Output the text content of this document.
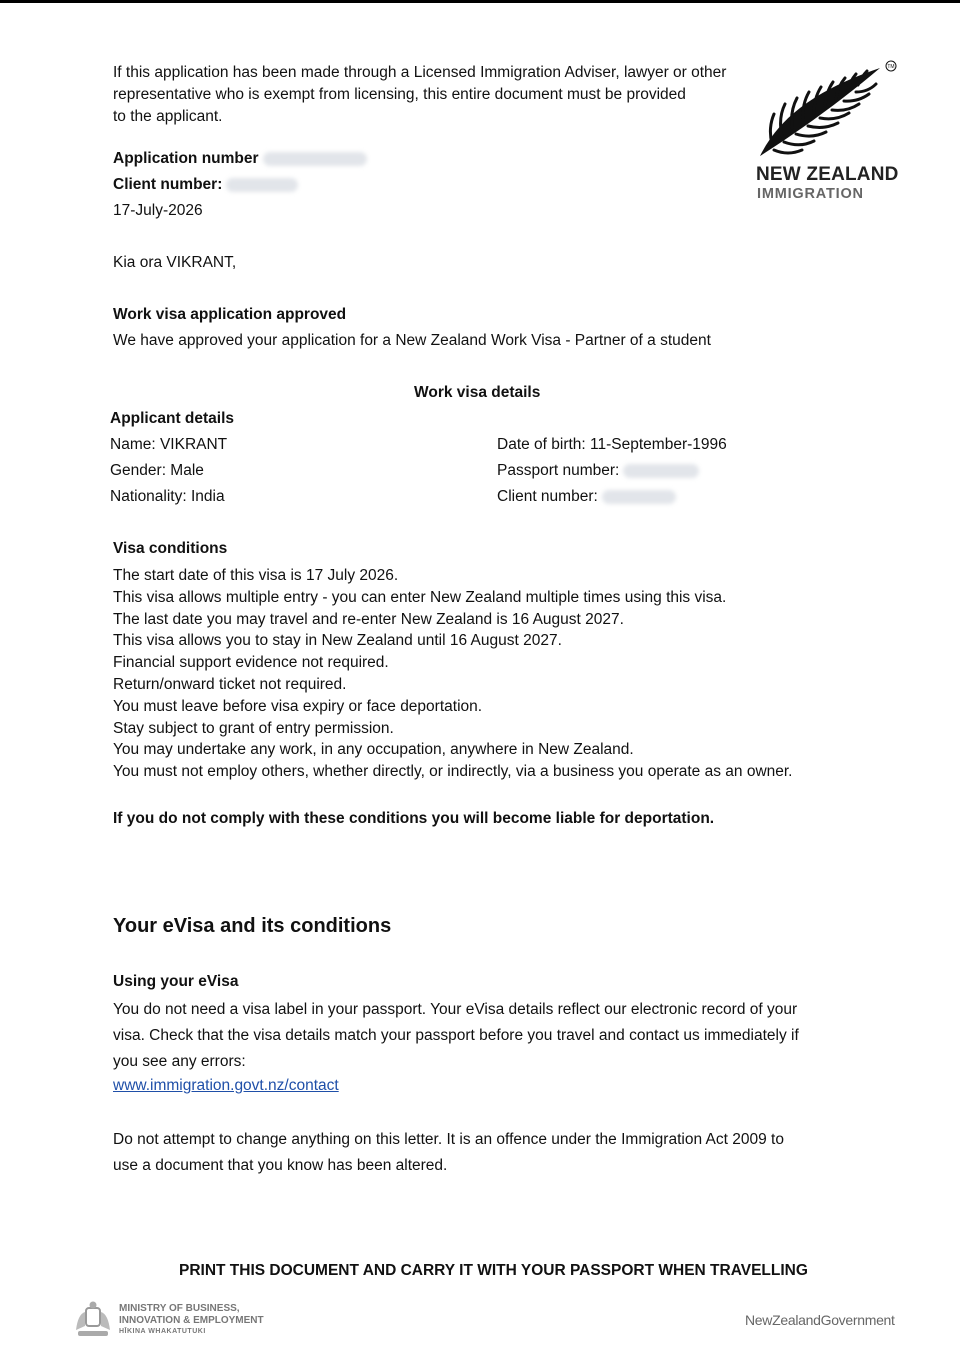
If this application has been made through a Licensed Immigration Adviser, lawyer or other
representative who is exempt from licensing, this entire document must be provided
to the applicant.
TM
NEW ZEALAND
IMMIGRATION
Application number
Client number:
17-July-2026
Kia ora VIKRANT,
Work visa application approved
We have approved your application for a New Zealand Work Visa - Partner of a student
Work visa details
Applicant details
Name: VIKRANT
Gender: Male
Nationality: India
Date of birth: 11-September-1996
Passport number:
Client number:
Visa conditions
The start date of this visa is 17 July 2026.
This visa allows multiple entry - you can enter New Zealand multiple times using this visa.
The last date you may travel and re-enter New Zealand is 16 August 2027.
This visa allows you to stay in New Zealand until 16 August 2027.
Financial support evidence not required.
Return/onward ticket not required.
You must leave before visa expiry or face deportation.
Stay subject to grant of entry permission.
You may undertake any work, in any occupation, anywhere in New Zealand.
You must not employ others, whether directly, or indirectly, via a business you operate as an owner.
If you do not comply with these conditions you will become liable for deportation.
Your eVisa and its conditions
Using your eVisa
You do not need a visa label in your passport. Your eVisa details reflect our electronic record of your
visa. Check that the visa details match your passport before you travel and contact us immediately if
you see any errors:
www.immigration.govt.nz/contact
Do not attempt to change anything on this letter. It is an offence under the Immigration Act 2009 to
use a document that you know has been altered.
PRINT THIS DOCUMENT AND CARRY IT WITH YOUR PASSPORT WHEN TRAVELLING
MINISTRY OF BUSINESS,
INNOVATION & EMPLOYMENT
HĪKINA WHAKATUTUKI
NewZealandGovernment
